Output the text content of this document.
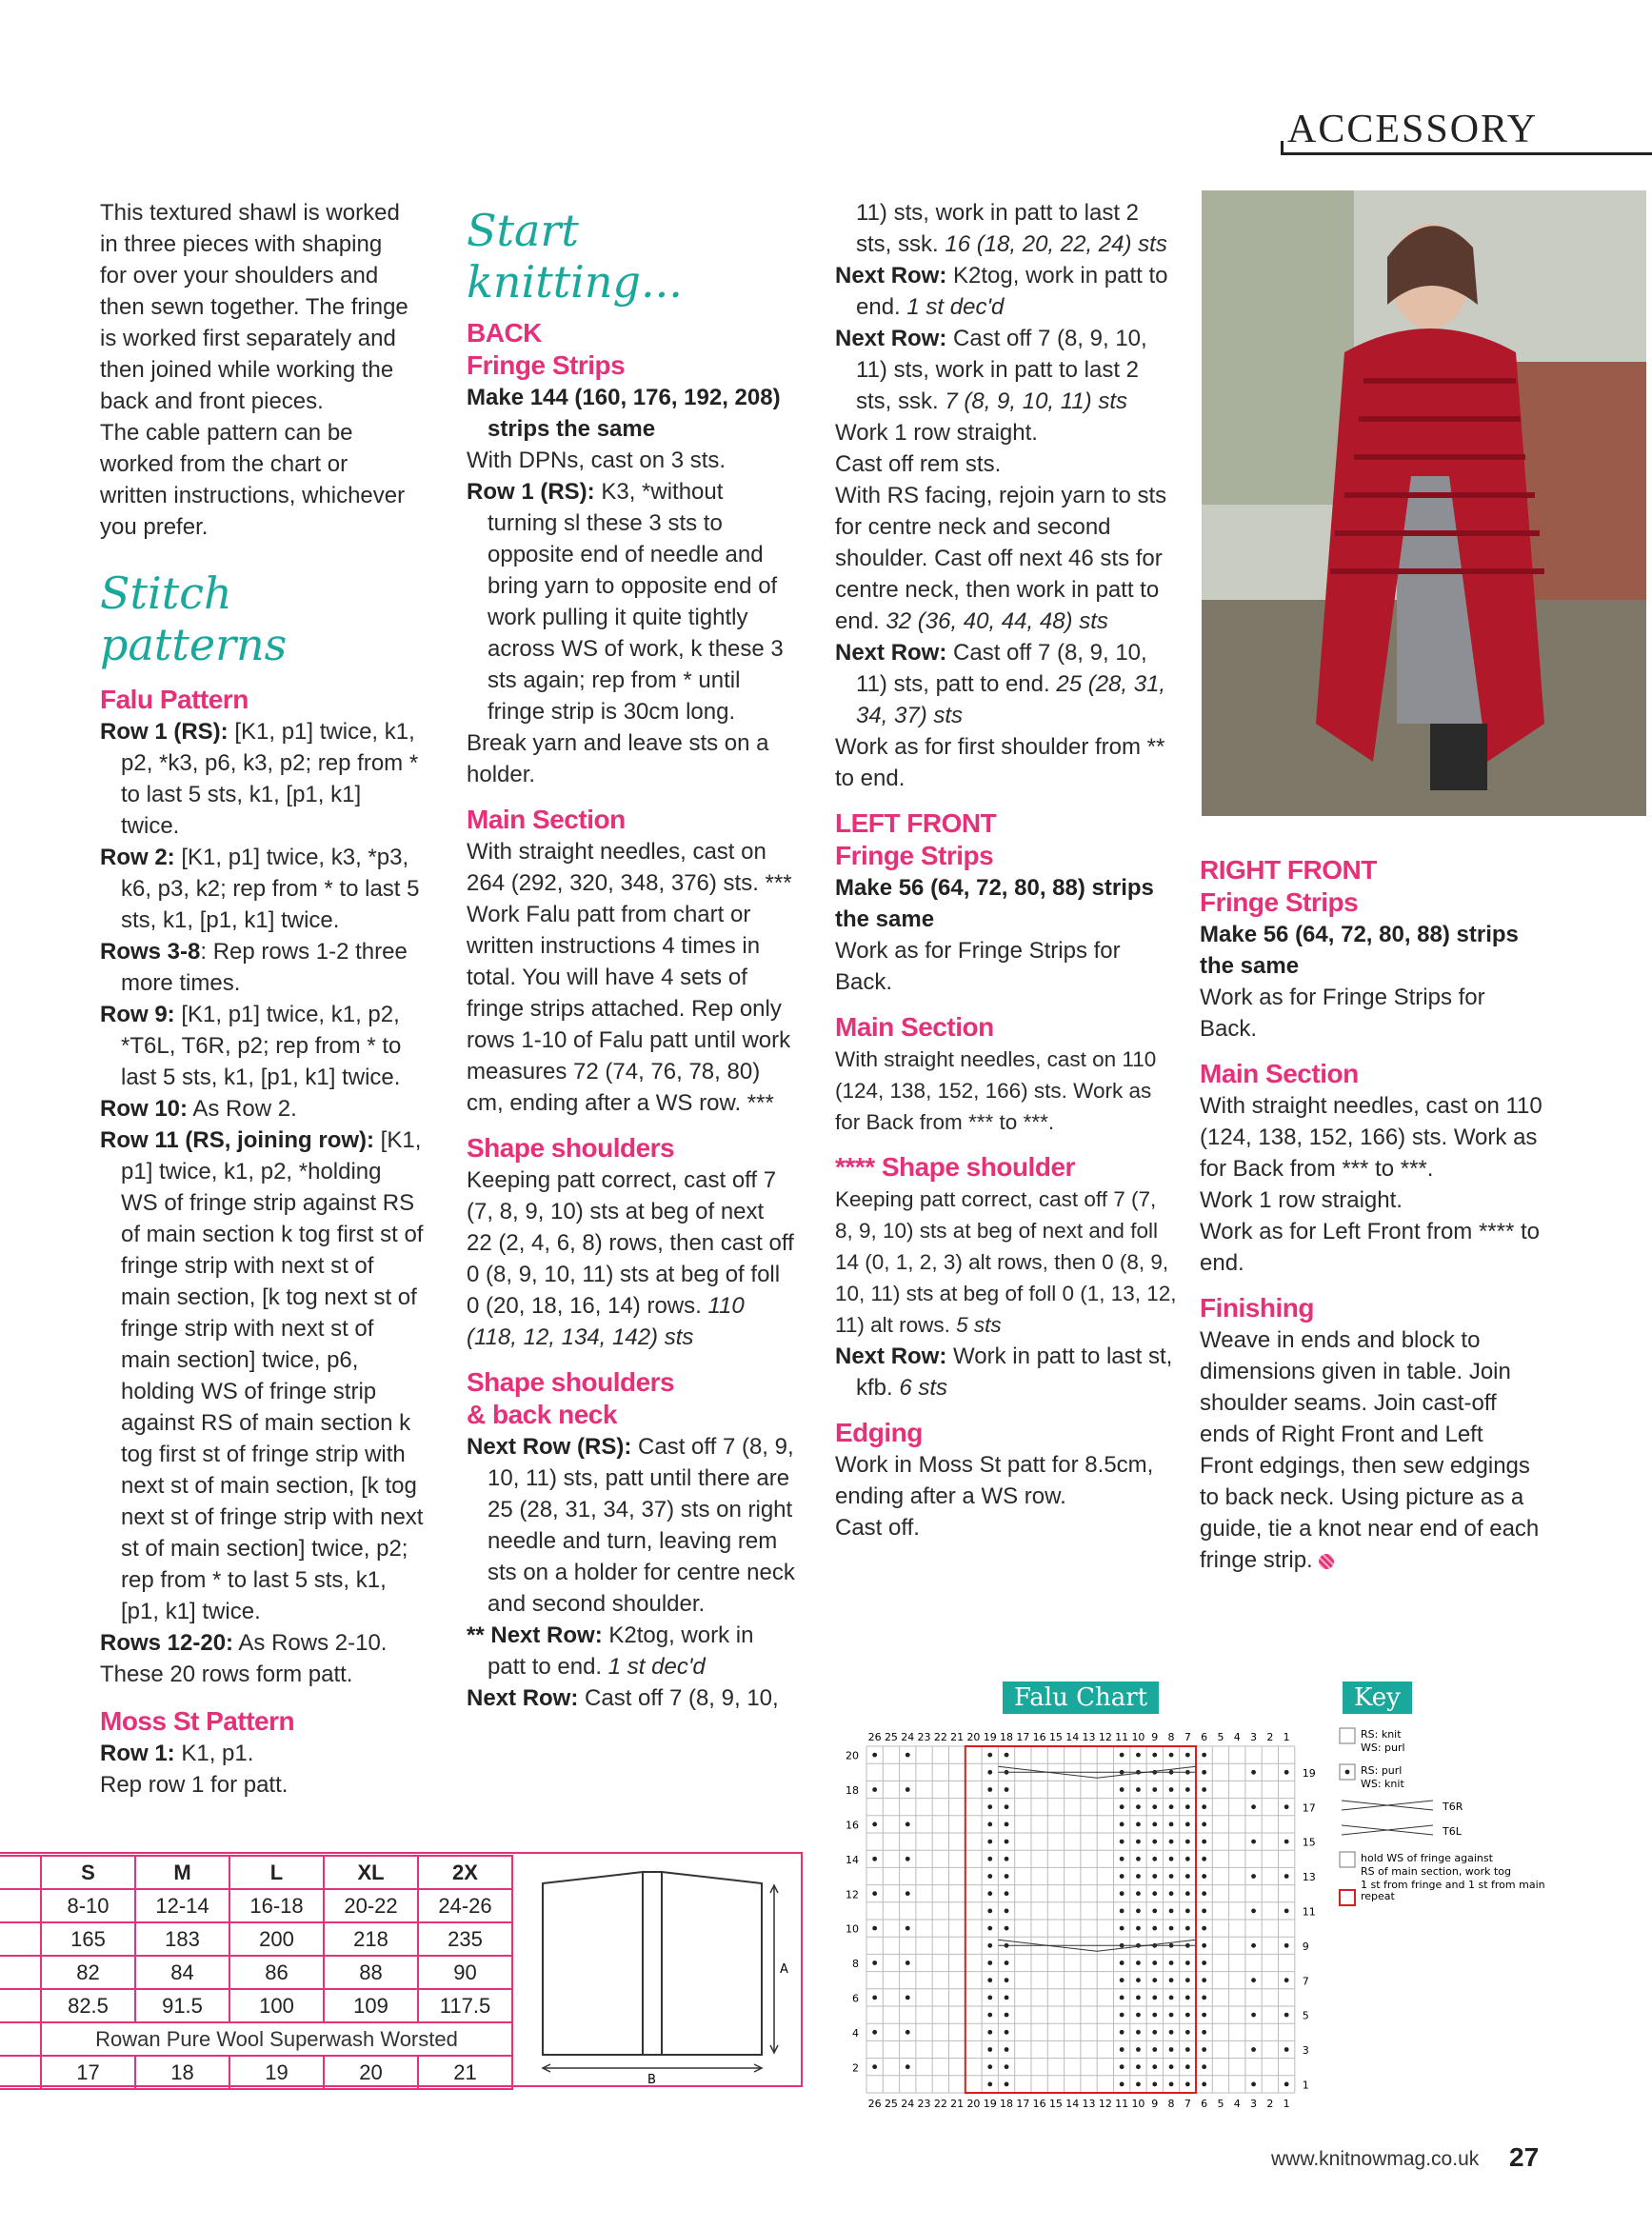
ACCESSORY

This textured shawl is worked

in three pieces with shaping

for over your shoulders and

then sewn together. The fringe

is worked first separately and

then joined while working the

back and front pieces.

The cable pattern can be

worked from the chart or

written instructions, whichever

you prefer.

Stitch patterns
Falu Pattern

Row 1 (RS): [K1, p1] twice, k1, p2, *k3, p6, k3, p2; rep from * to last 5 sts, k1, [p1, k1] twice.

Row 2: [K1, p1] twice, k3, *p3, k6, p3, k2; rep from * to last 5 sts, k1, [p1, k1] twice.

Rows 3-8: Rep rows 1-2 three more times.

Row 9: [K1, p1] twice, k1, p2, *T6L, T6R, p2; rep from * to last 5 sts, k1, [p1, k1] twice.

Row 10: As Row 2.

Row 11 (RS, joining row): [K1, p1] twice, k1, p2, *holding WS of fringe strip against RS of main section k tog first st of fringe strip with next st of main section, [k tog next st of fringe strip with next st of main section] twice, p6, holding WS of fringe strip against RS of main section k tog first st of fringe strip with next st of main section, [k tog next st of fringe strip with next st of main section] twice, p2; rep from * to last 5 sts, k1, [p1, k1] twice.

Rows 12-20: As Rows 2-10.

These 20 rows form patt.

Moss St Pattern

Row 1: K1, p1.

Rep row 1 for patt.

Start knitting...
BACK
Fringe Strips

Make 144 (160, 176, 192, 208) strips the same

With DPNs, cast on 3 sts.

Row 1 (RS): K3, *without turning sl these 3 sts to opposite end of needle and bring yarn to opposite end of work pulling it quite tightly across WS of work, k these 3 sts again; rep from * until fringe strip is 30cm long.

Break yarn and leave sts on a holder.

Main Section

With straight needles, cast on 264 (292, 320, 348, 376) sts. *** Work Falu patt from chart or written instructions 4 times in total. You will have 4 sets of fringe strips attached. Rep only rows 1-10 of Falu patt until work measures 72 (74, 76, 78, 80) cm, ending after a WS row. ***

Shape shoulders

Keeping patt correct, cast off 7 (7, 8, 9, 10) sts at beg of next 22 (2, 4, 6, 8) rows, then cast off 0 (8, 9, 10, 11) sts at beg of foll 0 (20, 18, 16, 14) rows. 110 (118, 12, 134, 142) sts

Shape shoulders
& back neck

Next Row (RS): Cast off 7 (8, 9, 10, 11) sts, patt until there are 25 (28, 31, 34, 37) sts on right needle and turn, leaving rem sts on a holder for centre neck and second shoulder.

** Next Row: K2tog, work in patt to end. 1 st dec'd

Next Row: Cast off 7 (8, 9, 10,

11) sts, work in patt to last 2 sts, ssk. 16 (18, 20, 22, 24) sts

Next Row: K2tog, work in patt to end. 1 st dec'd

Next Row: Cast off 7 (8, 9, 10, 11) sts, work in patt to last 2 sts, ssk. 7 (8, 9, 10, 11) sts

Work 1 row straight.

Cast off rem sts.

With RS facing, rejoin yarn to sts for centre neck and second shoulder. Cast off next 46 sts for centre neck, then work in patt to end. 32 (36, 40, 44, 48) sts

Next Row: Cast off 7 (8, 9, 10, 11) sts, patt to end. 25 (28, 31, 34, 37) sts

Work as for first shoulder from ** to end.

LEFT FRONT
Fringe Strips

Make 56 (64, 72, 80, 88) strips the same

Work as for Fringe Strips for Back.

Main Section

With straight needles, cast on 110 (124, 138, 152, 166) sts. Work as for Back from *** to ***.

**** Shape shoulder

Keeping patt correct, cast off 7 (7, 8, 9, 10) sts at beg of next and foll 14 (0, 1, 2, 3) alt rows, then 0 (8, 9, 10, 11) sts at beg of foll 0 (1, 13, 12, 11) alt rows. 5 sts

Next Row: Work in patt to last st, kfb. 6 sts

Edging

Work in Moss St patt for 8.5cm, ending after a WS row.

Cast off.

RIGHT FRONT
Fringe Strips

Make 56 (64, 72, 80, 88) strips the same

Work as for Fringe Strips for Back.

Main Section

With straight needles, cast on 110 (124, 138, 152, 166) sts. Work as for Back from *** to ***.

Work 1 row straight.

Work as for Left Front from **** to end.

Finishing

Weave in ends and block to dimensions given in table. Join shoulder seams. Join cast-off ends of Right Front and Left Front edgings, then sew edgings to back neck. Using picture as a guide, tie a knot near end of each fringe strip.

	S	M	L	XL	2X
	8-10	12-14	16-18	20-22	24-26
	165	183	200	218	235
	82	84	86	88	90
	82.5	91.5	100	109	117.5
	Rowan Pure Wool Superwash Worsted				
	17	18	19	20	21
A
B
Falu Chart	Key
26
26
25
25
24
24
23
23
22
22
21
21
20
20
19
19
18
18
17
17
16
16
15
15
14
14
13
13
12
12
11
11
10
10
9
9
8
8
7
7
6
6
5
5
4
4
3
3
2
2
1
1
20
18
16
14
12
10
8
6
4
2
19
17
15
13
11
9
7
5
3
1
RS: knit
WS: purl
RS: purl
WS: knit
T6R
T6L
hold WS of fringe against
RS of main section, work tog
1 st from fringe and 1 st from main
repeat
www.knitnowmag.co.uk 27
